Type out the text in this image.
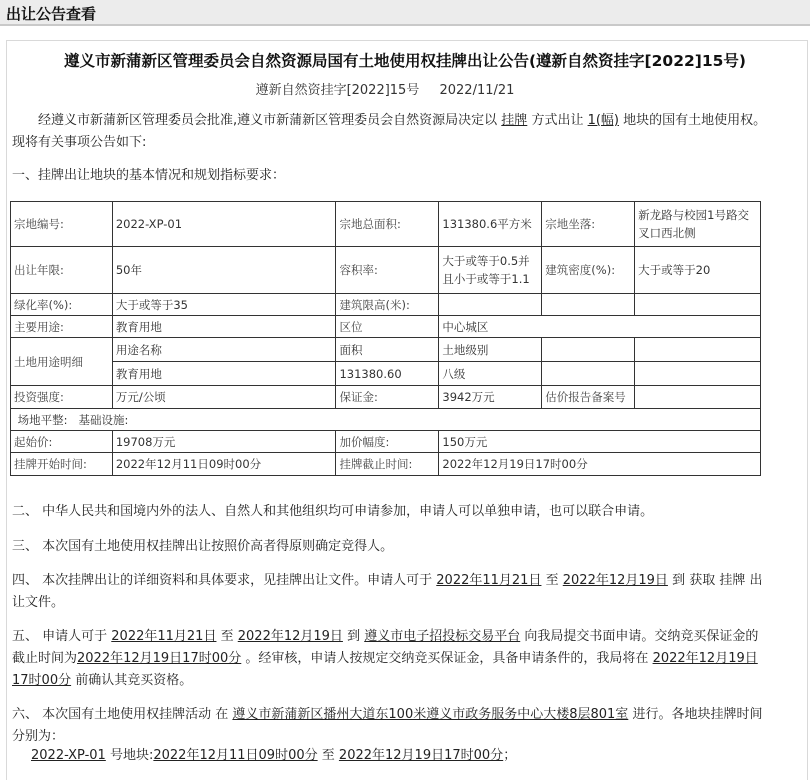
出让公告查看
遵义市新蒲新区管理委员会自然资源局国有土地使用权挂牌出让公告(遵新自然资挂字[2022]15号)
遵新自然资挂字[2022]15号 2022/11/21
经遵义市新蒲新区管理委员会批准,遵义市新蒲新区管理委员会自然资源局决定以 挂牌 方式出让 1(幅) 地块的国有土地使用权。现将有关事项公告如下:
一、挂牌出让地块的基本情况和规划指标要求：
宗地编号:	2022-XP-01	宗地总面积:	131380.6平方米	宗地坐落:	新龙路与校园1号路交叉口西北侧
出让年限:	50年	容积率:	大于或等于0.5并且小于或等于1.1	建筑密度(%):	大于或等于20
绿化率(%):	大于或等于35	建筑限高(米):			
主要用途:	教育用地	区位	中心城区		
土地用途明细	用途名称	面积	土地级别		
	教育用地	131380.60	八级		
投资强度:	万元/公顷	保证金:	3942万元	估价报告备案号	
场地平整: 基础设施:					
起始价:	19708万元	加价幅度:	150万元		
挂牌开始时间:	2022年12月11日09时00分	挂牌截止时间:	2022年12月19日17时00分		
二、 中华人民共和国境内外的法人、自然人和其他组织均可申请参加，申请人可以单独申请，也可以联合申请。
三、 本次国有土地使用权挂牌出让按照价高者得原则确定竞得人。
四、 本次挂牌出让的详细资料和具体要求，见挂牌出让文件。申请人可于 2022年11月21日 至 2022年12月19日 到 获取 挂牌 出让文件。
五、 申请人可于 2022年11月21日 至 2022年12月19日 到 遵义市电子招投标交易平台 向我局提交书面申请。交纳竞买保证金的截止时间为2022年12月19日17时00分 。经审核，申请人按规定交纳竞买保证金，具备申请条件的，我局将在 2022年12月19日17时00分 前确认其竞买资格。
六、 本次国有土地使用权挂牌活动 在 遵义市新蒲新区播州大道东100米遵义市政务服务中心大楼8层801室 进行。各地块挂牌时间分别为：
2022-XP-01 号地块:2022年12月11日09时00分 至 2022年12月19日17时00分；
